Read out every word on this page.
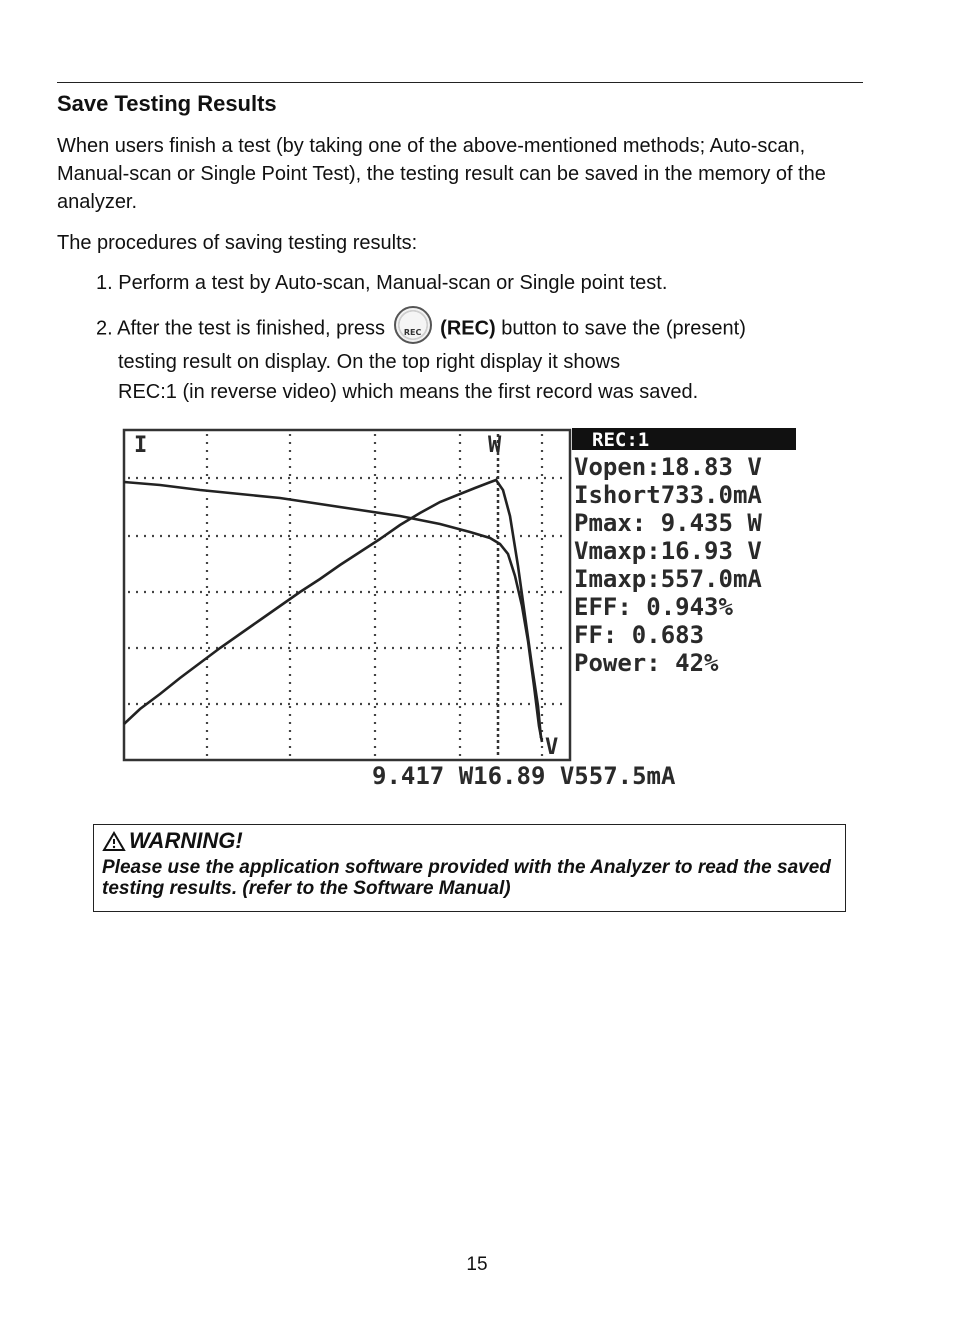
Save Testing Results

When users finish a test (by taking one of the above-mentioned methods; Auto-scan, Manual-scan or Single Point Test), the testing result can be saved in the memory of the analyzer.

The procedures of saving testing results:

1. Perform a test by Auto-scan, Manual-scan or Single point test.

2. After the test is finished, press	REC (REC) button to save the (present)
testing result on display. On the top right display it shows

REC:1 (in reverse video) which means the first record was saved.

I	W
V
REC:1
Vopen:18.83 V
Ishort733.0mA
Pmax: 9.435 W
Vmaxp:16.93 V
Imaxp:557.0mA
EFF: 0.943%
FF: 0.683
Power: 42%
9.417 W16.89 V557.5mA
WARNING!
Please use the application software provided with the Analyzer to read the saved testing results. (refer to the Software Manual)
15
